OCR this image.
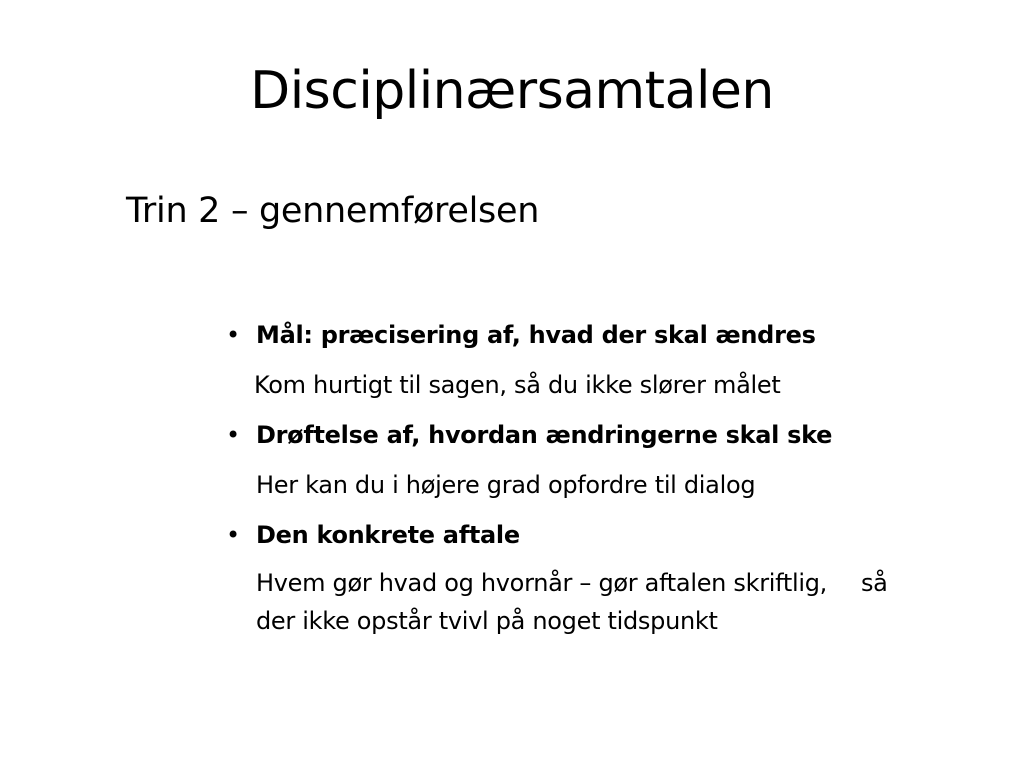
Disciplinærsamtalen
Trin 2 – gennemførelsen
• Mål: præcisering af, hvad der skal ændres
Kom hurtigt til sagen, så du ikke slører målet
• Drøftelse af, hvordan ændringerne skal ske
Her kan du i højere grad opfordre til dialog
• Den konkrete aftale
Hvem gør hvad og hvornår – gør aftalen skriftlig, så
der ikke opstår tvivl på noget tidspunkt
